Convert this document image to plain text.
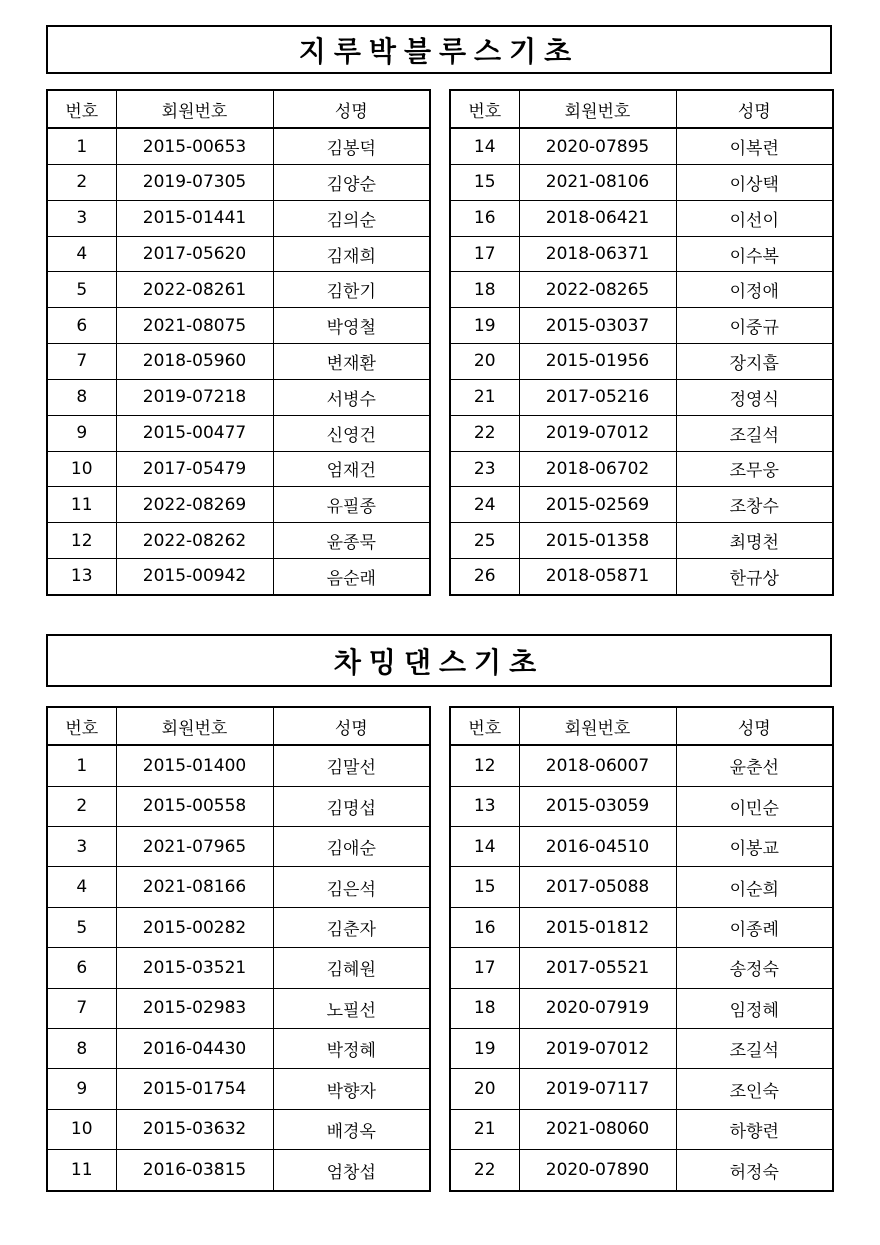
지루박블루스기초
번호	회원번호	성명
1	2015-00653	김봉덕
2	2019-07305	김양순
3	2015-01441	김의순
4	2017-05620	김재희
5	2022-08261	김한기
6	2021-08075	박영철
7	2018-05960	변재환
8	2019-07218	서병수
9	2015-00477	신영건
10	2017-05479	엄재건
11	2022-08269	유필종
12	2022-08262	윤종묵
13	2015-00942	음순래
번호	회원번호	성명
14	2020-07895	이복련
15	2021-08106	이상택
16	2018-06421	이선이
17	2018-06371	이수복
18	2022-08265	이정애
19	2015-03037	이중규
20	2015-01956	장지흡
21	2017-05216	정영식
22	2019-07012	조길석
23	2018-06702	조무웅
24	2015-02569	조창수
25	2015-01358	최명천
26	2018-05871	한규상
차밍댄스기초
번호	회원번호	성명
1	2015-01400	김말선
2	2015-00558	김명섭
3	2021-07965	김애순
4	2021-08166	김은석
5	2015-00282	김춘자
6	2015-03521	김혜원
7	2015-02983	노필선
8	2016-04430	박정혜
9	2015-01754	박향자
10	2015-03632	배경옥
11	2016-03815	엄창섭
번호	회원번호	성명
12	2018-06007	윤춘선
13	2015-03059	이민순
14	2016-04510	이봉교
15	2017-05088	이순희
16	2015-01812	이종례
17	2017-05521	송정숙
18	2020-07919	임정혜
19	2019-07012	조길석
20	2019-07117	조인숙
21	2021-08060	하향련
22	2020-07890	허정숙
